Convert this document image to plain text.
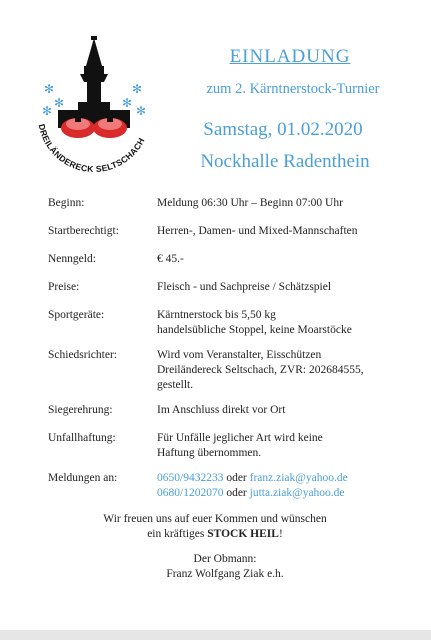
✻
✻
✻
✻
✻
✻
DREILÄNDERECK SELTSCHACH
EINLADUNG
zum 2. Kärntnerstock-Turnier
Samstag, 01.02.2020
Nockhalle Radenthein
Beginn:	Meldung 06:30 Uhr – Beginn 07:00 Uhr
Startberechtigt:	Herren-, Damen- und Mixed-Mannschaften
Nenngeld:	€ 45.-
Preise:	Fleisch - und Sachpreise / Schätzspiel
Sportgeräte:	Kärntnerstock bis 5,50 kg
handelsübliche Stoppel, keine Moarstöcke
Schiedsrichter:	Wird vom Veranstalter, Eisschützen
Dreiländereck Seltschach, ZVR: 202684555,
gestellt.
Siegerehrung:	Im Anschluss direkt vor Ort
Unfallhaftung:	Für Unfälle jeglicher Art wird keine
Haftung übernommen.
Meldungen an:	0650/9432233 oder franz.ziak@yahoo.de
0680/1202070 oder jutta.ziak@yahoo.de
Wir freuen uns auf euer Kommen und wünschen
ein kräftiges STOCK HEIL!
Der Obmann:
Franz Wolfgang Ziak e.h.
